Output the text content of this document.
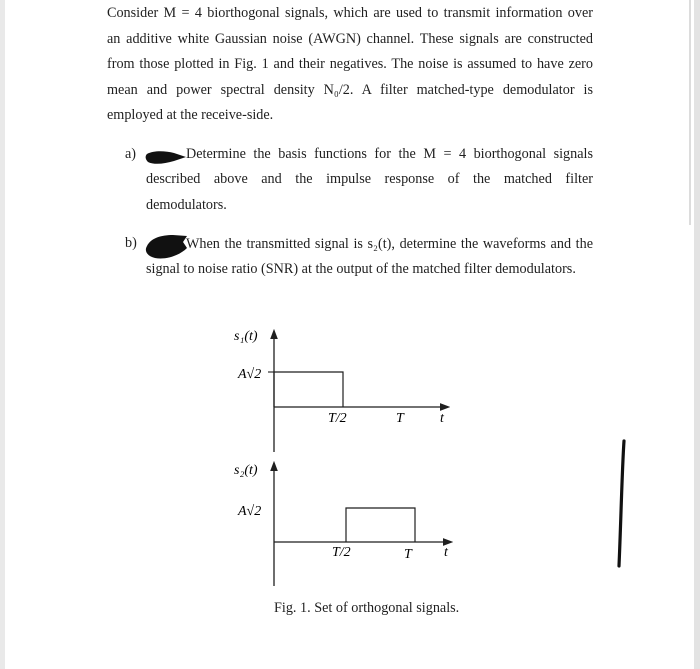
Consider M = 4 biorthogonal signals, which are used to transmit information over
an additive white Gaussian noise (AWGN) channel. These signals are constructed
from those plotted in Fig. 1 and their negatives. The noise is assumed to have zero
mean and power spectral density N₀/2. A filter matched-type demodulator is
employed at the receive-side.
a)	Determine the basis functions for the M = 4 biorthogonal signals
described above and the impulse response of the matched filter
demodulators.
b)	When the transmitted signal is s₂(t), determine the waveforms and the
signal to noise ratio (SNR) at the output of the matched filter demodulators.
s₁(t)
A√2
T/2	T	t
s₂(t)
A√2
T/2	T t
Fig. 1. Set of orthogonal signals.
